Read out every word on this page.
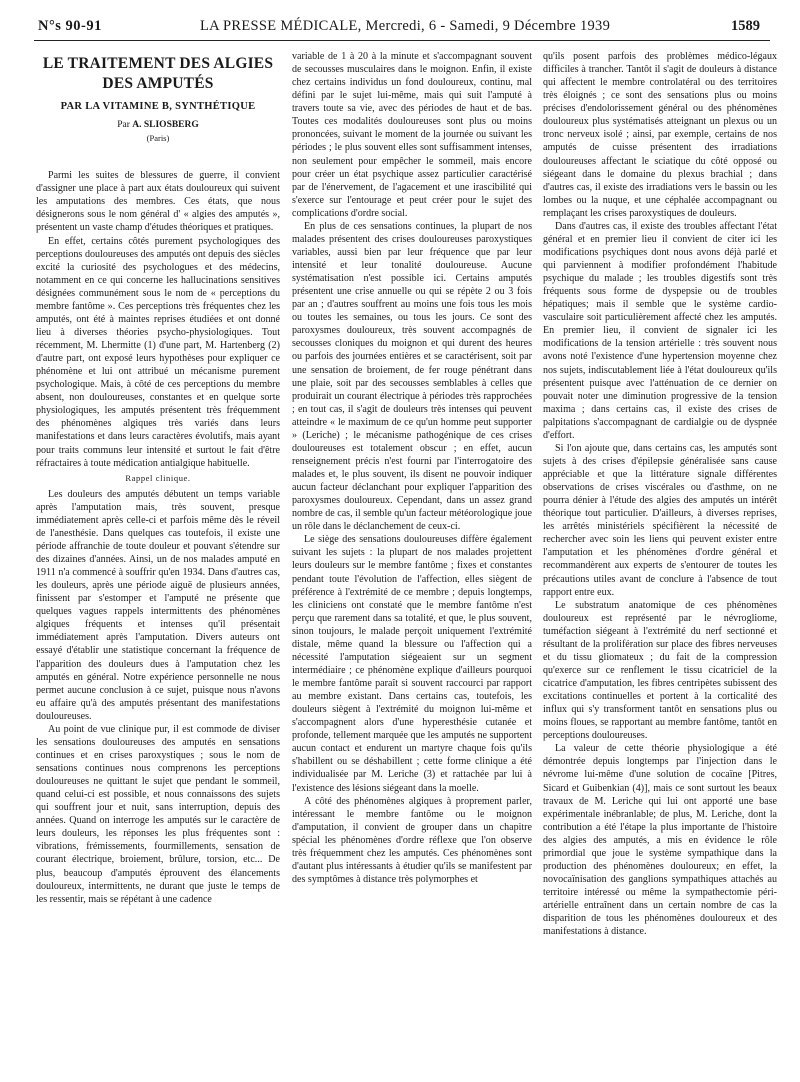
N°s 90-91	LA PRESSE MÉDICALE, Mercredi, 6 - Samedi, 9 Décembre 1939	1589
LE TRAITEMENT DES ALGIES
DES AMPUTÉS
PAR LA VITAMINE B, SYNTHÉTIQUE
Par A. SLIOSBERG
(Paris)

Parmi les suites de blessures de guerre, il convient d'assigner une place à part aux états douloureux qui suivent les amputations des membres. Ces états, que nous désignerons sous le nom général d' « algies des amputés », présentent un vaste champ d'études théoriques et pratiques.

En effet, certains côtés purement psychologiques des perceptions douloureuses des amputés ont depuis des siècles excité la curiosité des psychologues et des médecins, notamment en ce qui concerne les hallucinations sensitives désignées communément sous le nom de « perceptions du membre fantôme ». Ces perceptions très fréquentes chez les amputés, ont été à maintes reprises étudiées et ont donné lieu à diverses théories psycho-physiologiques. Tout récemment, M. Lhermitte (1) d'une part, M. Hartenberg (2) d'autre part, ont exposé leurs hypothèses pour expliquer ce phénomène et lui ont attribué un mécanisme purement psychologique. Mais, à côté de ces perceptions du membre absent, non douloureuses, constantes et en quelque sorte physiologiques, les amputés présentent très fréquemment des phénomènes algiques très variés dans leurs manifestations et dans leurs caractères évolutifs, mais ayant pour traits communs leur intensité et surtout le fait d'être réfractaires à toute médication antialgique habituelle.

Rappel clinique.

Les douleurs des amputés débutent un temps variable après l'amputation mais, très souvent, presque immédiatement après celle-ci et parfois même dès le réveil de l'anesthésie. Dans quelques cas toutefois, il existe une période affranchie de toute douleur et pouvant s'étendre sur des dizaines d'années. Ainsi, un de nos malades amputé en 1911 n'a commencé à souffrir qu'en 1934. Dans d'autres cas, les douleurs, après une période aiguë de plusieurs années, finissent par s'estomper et l'amputé ne présente que quelques vagues rappels intermittents des phénomènes algiques fréquents et intenses qu'il présentait immédiatement après l'amputation. Divers auteurs ont essayé d'établir une statistique concernant la fréquence de l'apparition des douleurs dues à l'amputation chez les amputés en général. Notre expérience personnelle ne nous permet aucune conclusion à ce sujet, puisque nous n'avons eu affaire qu'à des amputés présentant des manifestations douloureuses.

Au point de vue clinique pur, il est commode de diviser les sensations douloureuses des amputés en sensations continues et en crises paroxystiques ; sous le nom de sensations continues nous comprenons les perceptions douloureuses ne quittant le sujet que pendant le sommeil, quand celui-ci est possible, et nous connaissons des sujets qui souffrent jour et nuit, sans interruption, depuis des années. Quand on interroge les amputés sur le caractère de leurs douleurs, les réponses les plus fréquentes sont : vibrations, frémissements, fourmillements, sensation de courant électrique, broiement, brûlure, torsion, etc... De plus, beaucoup d'amputés éprouvent des élancements douloureux, intermittents, ne durant que juste le temps de les ressentir, mais se répétant à une cadence

variable de 1 à 20 à la minute et s'accompagnant souvent de secousses musculaires dans le moignon. Enfin, il existe chez certains individus un fond douloureux, continu, mal défini par le sujet lui-même, mais qui suit l'amputé à travers toute sa vie, avec des périodes de haut et de bas. Toutes ces modalités douloureuses sont plus ou moins prononcées, suivant le moment de la journée ou suivant les périodes ; le plus souvent elles sont suffisamment intenses, non seulement pour empêcher le sommeil, mais encore pour créer un état psychique assez particulier caractérisé par de l'énervement, de l'agacement et une irascibilité qui s'exerce sur l'entourage et peut créer pour le sujet des complications d'ordre social.

En plus de ces sensations continues, la plupart de nos malades présentent des crises douloureuses paroxystiques variables, aussi bien par leur fréquence que par leur intensité et leur tonalité douloureuse. Aucune systématisation n'est possible ici. Certains amputés présentent une crise annuelle ou qui se répète 2 ou 3 fois par an ; d'autres souffrent au moins une fois tous les mois ou toutes les semaines, ou tous les jours. Ce sont des paroxysmes douloureux, très souvent accompagnés de secousses cloniques du moignon et qui durent des heures ou parfois des journées entières et se caractérisent, soit par une sensation de broiement, de fer rouge pénétrant dans une plaie, soit par des secousses semblables à celles que produirait un courant électrique à périodes très rapprochées ; en tout cas, il s'agit de douleurs très intenses qui peuvent atteindre « le maximum de ce qu'un homme peut supporter » (Leriche) ; le mécanisme pathogénique de ces crises douloureuses est totalement obscur ; en effet, aucun renseignement précis n'est fourni par l'interrogatoire des malades et, le plus souvent, ils disent ne pouvoir indiquer aucun facteur déclanchant pour expliquer l'apparition des paroxysmes douloureux. Cependant, dans un assez grand nombre de cas, il semble qu'un facteur météorologique joue un rôle dans le déclanchement de ceux-ci.

Le siège des sensations douloureuses diffère également suivant les sujets : la plupart de nos malades projettent leurs douleurs sur le membre fantôme ; fixes et constantes pendant toute l'évolution de l'affection, elles siègent de préférence à l'extrémité de ce membre ; depuis longtemps, les cliniciens ont constaté que le membre fantôme n'est perçu que rarement dans sa totalité, et que, le plus souvent, sinon toujours, le malade perçoit uniquement l'extrémité distale, même quand la blessure ou l'affection qui a nécessité l'amputation siégeaient sur un segment intermédiaire ; ce phénomène explique d'ailleurs pourquoi le membre fantôme paraît si souvent raccourci par rapport au membre existant. Dans certains cas, toutefois, les douleurs siègent à l'extrémité du moignon lui-même et s'accompagnent alors d'une hyperesthésie cutanée et profonde, tellement marquée que les amputés ne supportent aucun contact et endurent un martyre chaque fois qu'ils s'habillent ou se déshabillent ; cette forme clinique a été individualisée par M. Leriche (3) et rattachée par lui à l'existence des lésions siégeant dans la moelle.

A côté des phénomènes algiques à proprement parler, intéressant le membre fantôme ou le moignon d'amputation, il convient de grouper dans un chapitre spécial les phénomènes d'ordre réflexe que l'on observe très fréquemment chez les amputés. Ces phénomènes sont d'autant plus intéressants à étudier qu'ils se manifestent par des symptômes à distance très polymorphes et

qu'ils posent parfois des problèmes médico-légaux difficiles à trancher. Tantôt il s'agit de douleurs à distance qui affectent le membre controlatéral ou des territoires très éloignés ; ce sont des sensations plus ou moins précises d'endolorissement général ou des phénomènes douloureux plus systématisés atteignant un plexus ou un tronc nerveux isolé ; ainsi, par exemple, certains de nos amputés de cuisse présentent des irradiations douloureuses affectant le sciatique du côté opposé ou siégeant dans le domaine du plexus brachial ; dans d'autres cas, il existe des irradiations vers le bassin ou les lombes ou la nuque, et une céphalée accompagnant ou remplaçant les crises paroxystiques de douleurs.

Dans d'autres cas, il existe des troubles affectant l'état général et en premier lieu il convient de citer ici les modifications psychiques dont nous avons déjà parlé et qui parviennent à modifier profondément l'habitude psychique du malade ; les troubles digestifs sont très fréquents sous forme de dyspepsie ou de troubles hépatiques; mais il semble que le système cardio-vasculaire soit particulièrement affecté chez les amputés. En premier lieu, il convient de signaler ici les modifications de la tension artérielle : très souvent nous avons noté l'existence d'une hypertension moyenne chez nos sujets, indiscutablement liée à l'état douloureux qu'ils présentent puisque avec l'atténuation de ce dernier on pouvait noter une diminution progressive de la tension maxima ; dans certains cas, il existe des crises de palpitations s'accompagnant de cardialgie ou de dyspnée d'effort.

Si l'on ajoute que, dans certains cas, les amputés sont sujets à des crises d'épilepsie généralisée sans cause appréciable et que la littérature signale différentes observations de crises viscérales ou d'asthme, on ne pourra dénier à l'étude des algies des amputés un intérêt théorique tout particulier. D'ailleurs, à diverses reprises, les arrêtés ministériels spécifièrent la nécessité de rechercher avec soin les liens qui peuvent exister entre l'amputation et les phénomènes d'ordre général et recommandèrent aux experts de s'entourer de toutes les précautions utiles avant de conclure à l'absence de tout rapport entre eux.

Le substratum anatomique de ces phénomènes douloureux est représenté par le névrogliome, tuméfaction siégeant à l'extrémité du nerf sectionné et résultant de la prolifération sur place des fibres nerveuses et du tissu gliomateux ; du fait de la compression qu'exerce sur ce renflement le tissu cicatriciel de la cicatrice d'amputation, les fibres centripètes subissent des excitations continuelles et portent à la corticalité des influx qui s'y transforment tantôt en sensations plus ou moins floues, se rapportant au membre fantôme, tantôt en perceptions douloureuses.

La valeur de cette théorie physiologique a été démontrée depuis longtemps par l'injection dans le névrome lui-même d'une solution de cocaïne [Pitres, Sicard et Guibenkian (4)], mais ce sont surtout les beaux travaux de M. Leriche qui lui ont apporté une base expérimentale inébranlable; de plus, M. Leriche, dont la contribution a été l'étape la plus importante de l'histoire des algies des amputés, a mis en évidence le rôle primordial que joue le système sympathique dans la production des phénomènes douloureux; en effet, la novocaïnisation des ganglions sympathiques attachés au territoire intéressé ou même la sympathectomie péri-artérielle entraînent dans un certain nombre de cas la disparition de tous les phénomènes douloureux et des manifestations à distance.
